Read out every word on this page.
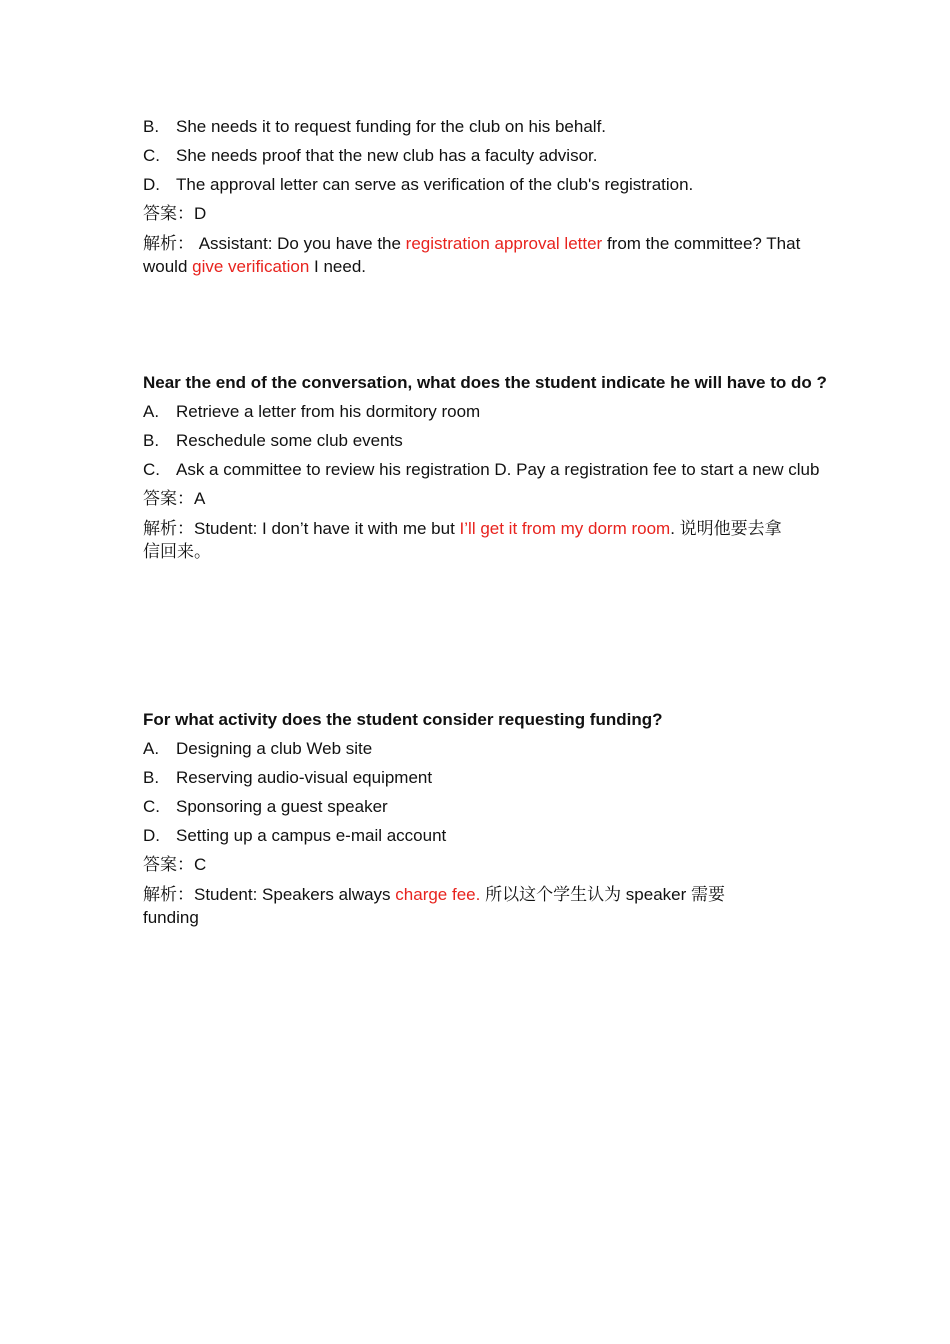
B. She needs it to request funding for the club on his behalf.
C. She needs proof that the new club has a faculty advisor.
D. The approval letter can serve as verification of the club's registration.
答案：D
解析： Assistant: Do you have the registration approval letter from the committee? That would give verification I need.
Near the end of the conversation, what does the student indicate he will have to do ?
A. Retrieve a letter from his dormitory room
B. Reschedule some club events
C. Ask a committee to review his registration D. Pay a registration fee to start a new club
答案：A
解析：Student: I don’t have it with me but I’ll get it from my dorm room. 说明他要去拿信回来。
For what activity does the student consider requesting funding?
A. Designing a club Web site
B. Reserving audio-visual equipment
C. Sponsoring a guest speaker
D. Setting up a campus e-mail account
答案：C
解析：Student: Speakers always charge fee. 所以这个学生认为 speaker 需要 funding
